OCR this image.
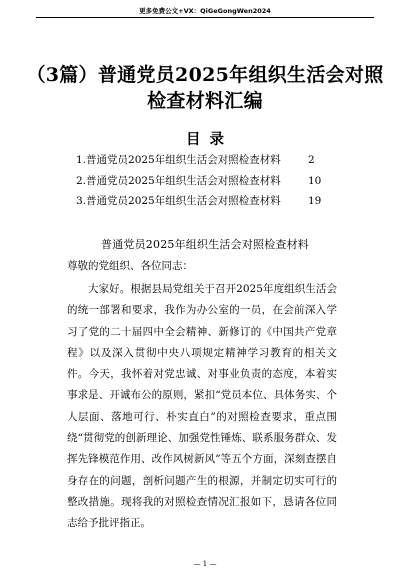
更多免费公文+VX：QiGeGongWen2024
（3篇）普通党员2025年组织生活会对照
检查材料汇编
目录
1.普通党员2025年组织生活会对照检查材料	2
2.普通党员2025年组织生活会对照检查材料	10
3.普通党员2025年组织生活会对照检查材料	19
普通党员2025年组织生活会对照检查材料
尊敬的党组织、各位同志：

大家好。根据县局党组关于召开2025年度组织生活会的统一部署和要求，我作为办公室的一员，在会前深入学习了党的二十届四中全会精神、新修订的《中国共产党章程》以及深入贯彻中央八项规定精神学习教育的相关文件。今天，我怀着对党忠诚、对事业负责的态度，本着实事求是、开诚布公的原则，紧扣“党员本位、具体务实、个人层面、落地可行、朴实直白”的对照检查要求，重点围绕“贯彻党的创新理论、加强党性锤炼、联系服务群众、发挥先锋模范作用、改作风树新风”等五个方面，深刻查摆自身存在的问题，剖析问题产生的根源，并制定切实可行的整改措施。现将我的对照检查情况汇报如下，恳请各位同志给予批评指正。

— 1 —
